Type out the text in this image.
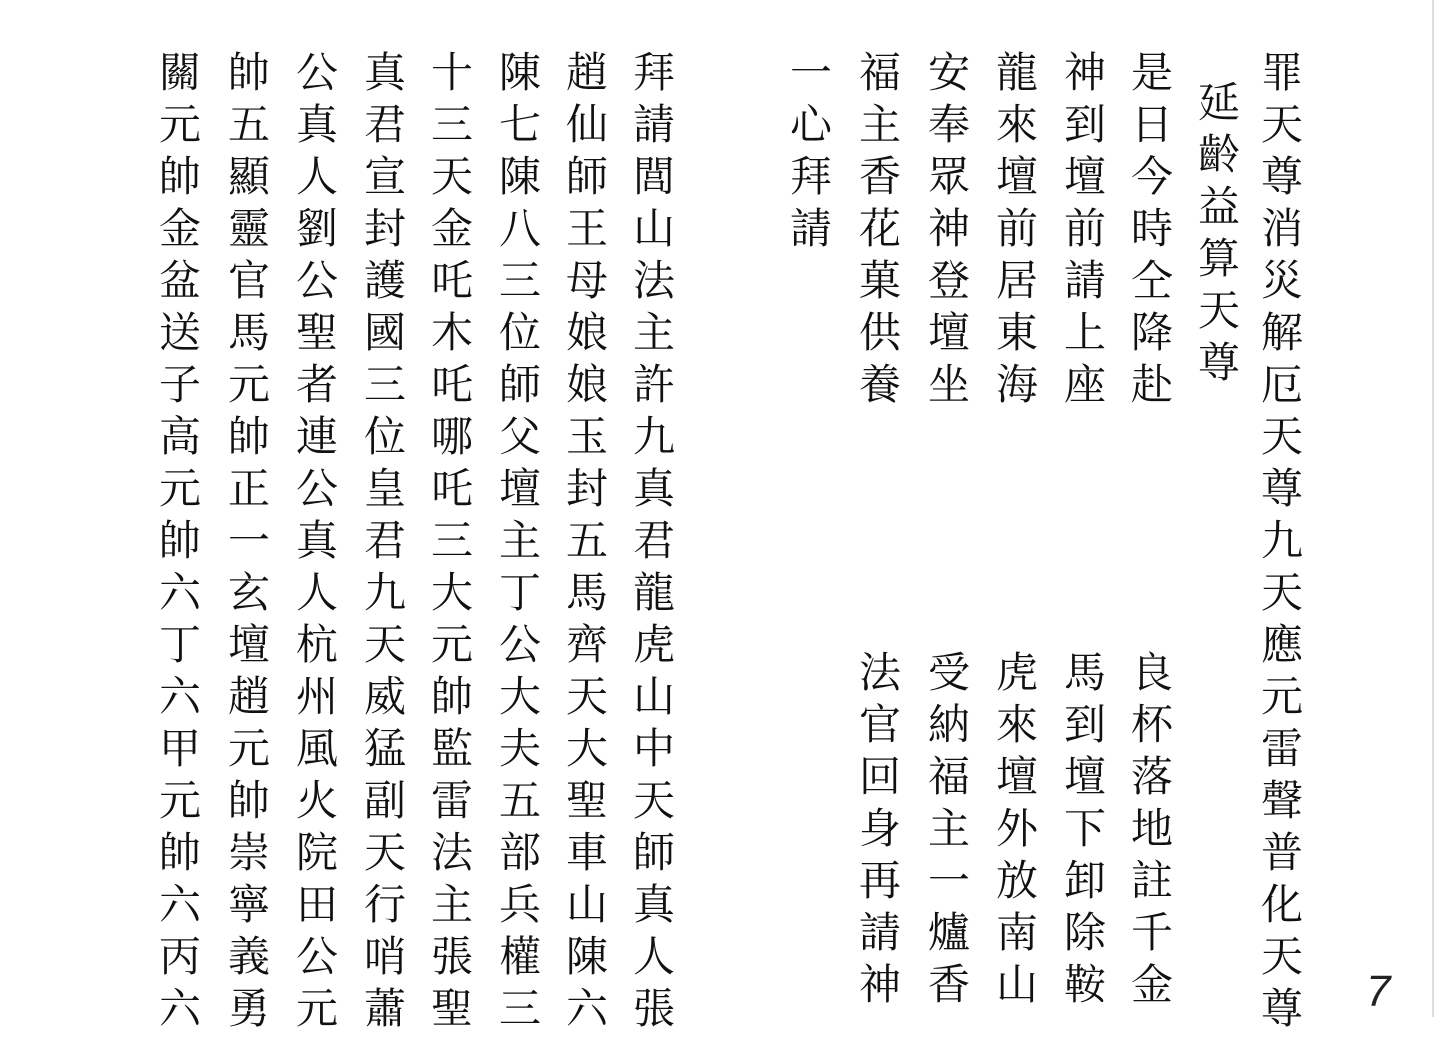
罪天尊消災解厄天尊九天應元雷聲普化天尊
延齡益算天尊
是日今時仝降赴
神到壇前請上座
龍來壇前居東海
安奉眾神登壇坐
福主香花菓供養
一心拜請
良杯落地註千金
馬到壇下卸除鞍
虎來壇外放南山
受納福主一爐香
法官回身再請神
拜請閭山法主許九真君龍虎山中天師真人張
趙仙師王母娘娘玉封五馬齊天大聖車山陳六
陳七陳八三位師父壇主丁公大夫五部兵權三
十三天金吒木吒哪吒三大元帥監雷法主張聖
真君宣封護國三位皇君九天威猛副天行哨蕭
公真人劉公聖者連公真人杭州風火院田公元
帥五顯靈官馬元帥正一玄壇趙元帥崇寧義勇
關元帥金盆送子高元帥六丁六甲元帥六丙六	7
